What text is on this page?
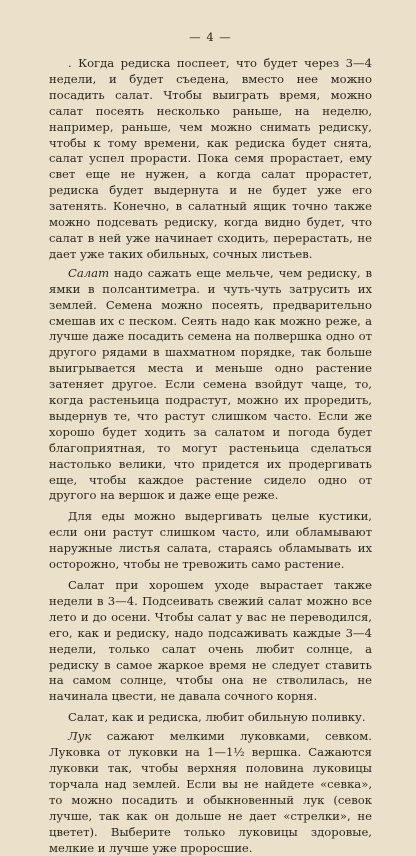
— 4 —

. Когда редиска поспеет, что будет через 3—4 недели, и будет съедена, вместо нее можно посадить салат. Чтобы выиграть время, можно салат посеять несколько раньше, на неделю, например, раньше, чем можно снимать редиску, чтобы к тому времени, как редиска будет снята, салат успел прорасти. Пока семя прорастает, ему свет еще не нужен, а когда салат прорастет, редиска будет выдернута и не будет уже его затенять. Конечно, в салатный ящик точно также можно подсевать редиску, когда видно будет, что салат в ней уже начинает сходить, перерастать, не дает уже таких обильных, сочных листьев.

Салат надо сажать еще мельче, чем редиску, в ямки в полсантиметра. и чуть-чуть затрусить их землей. Семена можно посеять, предварительно смешав их с песком. Сеять надо как можно реже, а лучше даже посадить семена на полвершка одно от другого рядами в шахматном порядке, так больше выигрывается места и меньше одно растение затеняет другое. Если семена взойдут чаще, то, когда растеньица подрастут, можно их проредить, выдернув те, что растут слишком часто. Если же хорошо будет ходить за салатом и погода будет благоприятная, то могут растеньица сделаться настолько велики, что придется их продергивать еще, чтобы каждое растение сидело одно от другого на вершок и даже еще реже.

Для еды можно выдергивать целые кустики, если они растут слишком часто, или обламывают наружные листья салата, стараясь обламывать их осторожно, чтобы не тревожить само растение.

Салат при хорошем уходе вырастает также недели в 3—4. Подсеивать свежий салат можно все лето и до осени. Чтобы салат у вас не переводился, его, как и редиску, надо подсаживать каждые 3—4 недели, только салат очень любит солнце, а редиску в самое жаркое время не следует ставить на самом солнце, чтобы она не стволилась, не начинала цвести, не давала сочного корня.

Салат, как и редиска, любит обильную поливку.

Лук сажают мелкими луковками, севком. Луковка от луковки на 1—1½ вершка. Сажаются луковки так, чтобы верхняя половина луковицы торчала над землей. Если вы не найдете «севка», то можно посадить и обыкновенный лук (севок лучше, так как он дольше не дает «стрелки», не цветет). Выберите только луковицы здоровые, мелкие и лучше уже проросшие.
